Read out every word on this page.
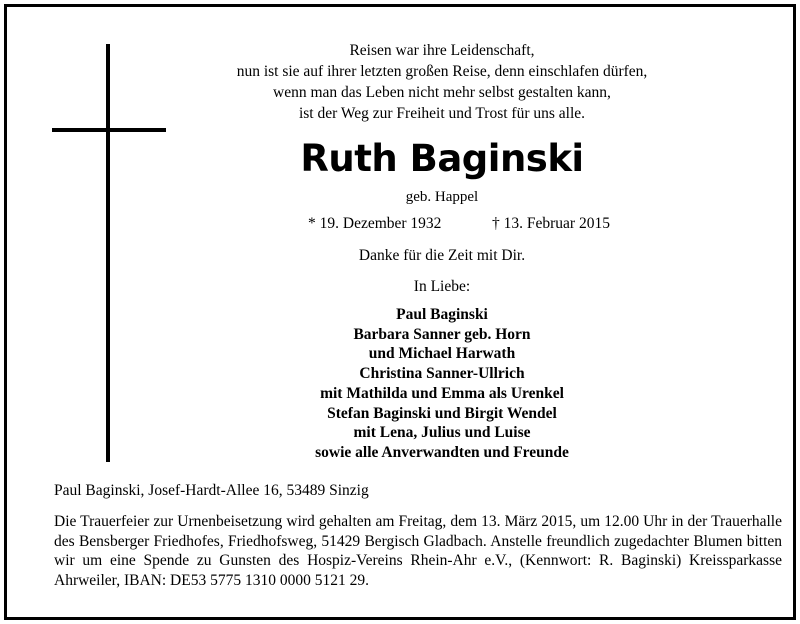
Reisen war ihre Leidenschaft,
nun ist sie auf ihrer letzten großen Reise, denn einschlafen dürfen,
wenn man das Leben nicht mehr selbst gestalten kann,
ist der Weg zur Freiheit und Trost für uns alle.
Ruth Baginski
geb. Happel
* 19. Dezember 1932	† 13. Februar 2015
Danke für die Zeit mit Dir.
In Liebe:
Paul Baginski
Barbara Sanner geb. Horn
und Michael Harwath
Christina Sanner-Ullrich
mit Mathilda und Emma als Urenkel
Stefan Baginski und Birgit Wendel
mit Lena, Julius und Luise
sowie alle Anverwandten und Freunde
Paul Baginski, Josef-Hardt-Allee 16, 53489 Sinzig
Die Trauerfeier zur Urnenbeisetzung wird gehalten am Freitag, dem 13. März 2015, um 12.00 Uhr in der Trauerhalle des Bensberger Friedhofes, Friedhofsweg, 51429 Bergisch Gladbach. Anstelle freundlich zugedachter Blumen bitten wir um eine Spende zu Gunsten des Hospiz-Vereins Rhein-Ahr e.V., (Kennwort: R. Baginski) Kreissparkasse Ahrweiler, IBAN: DE53 5775 1310 0000 5121 29.
